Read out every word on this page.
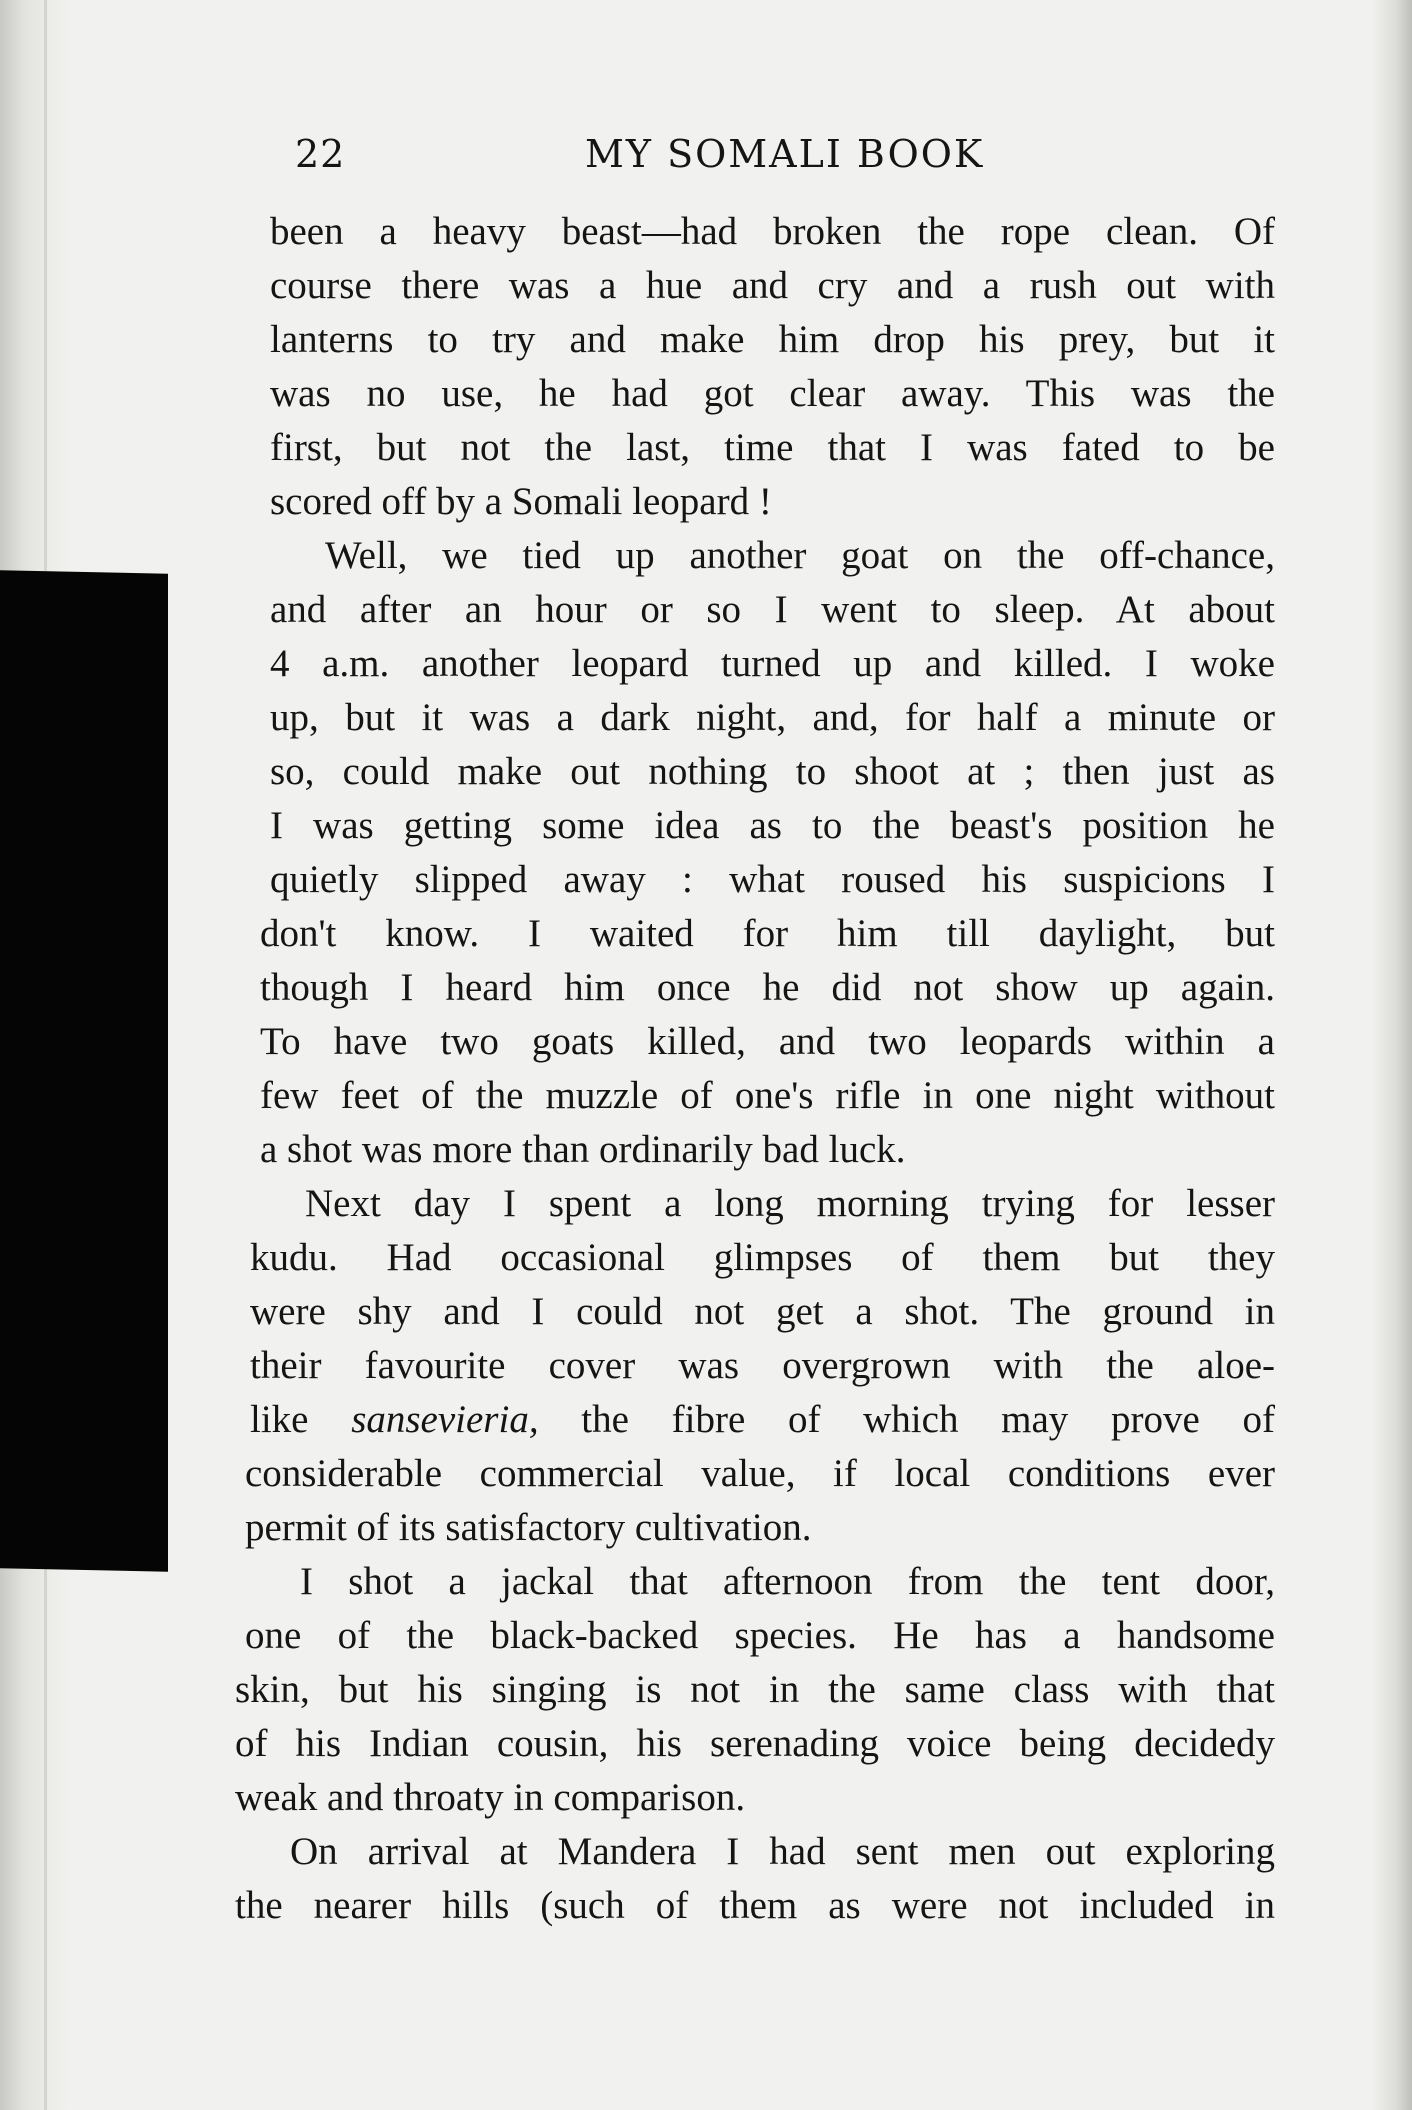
22	MY SOMALI BOOK
been a heavy beast—had broken the rope clean. Of
course there was a hue and cry and a rush out with
lanterns to try and make him drop his prey, but it
was no use, he had got clear away. This was the
first, but not the last, time that I was fated to be
scored off by a Somali leopard !
Well, we tied up another goat on the off-chance,
and after an hour or so I went to sleep. At about
4 a.m. another leopard turned up and killed. I woke
up, but it was a dark night, and, for half a minute or
so, could make out nothing to shoot at ; then just as
I was getting some idea as to the beast's position he
quietly slipped away : what roused his suspicions I
don't know. I waited for him till daylight, but
though I heard him once he did not show up again.
To have two goats killed, and two leopards within a
few feet of the muzzle of one's rifle in one night without
a shot was more than ordinarily bad luck.
Next day I spent a long morning trying for lesser
kudu. Had occasional glimpses of them but they
were shy and I could not get a shot. The ground in
their favourite cover was overgrown with the aloe-
like sansevieria, the fibre of which may prove of
considerable commercial value, if local conditions ever
permit of its satisfactory cultivation.
I shot a jackal that afternoon from the tent door,
one of the black-backed species. He has a handsome
skin, but his singing is not in the same class with that
of his Indian cousin, his serenading voice being decidedy
weak and throaty in comparison.
On arrival at Mandera I had sent men out exploring
the nearer hills (such of them as were not included in
